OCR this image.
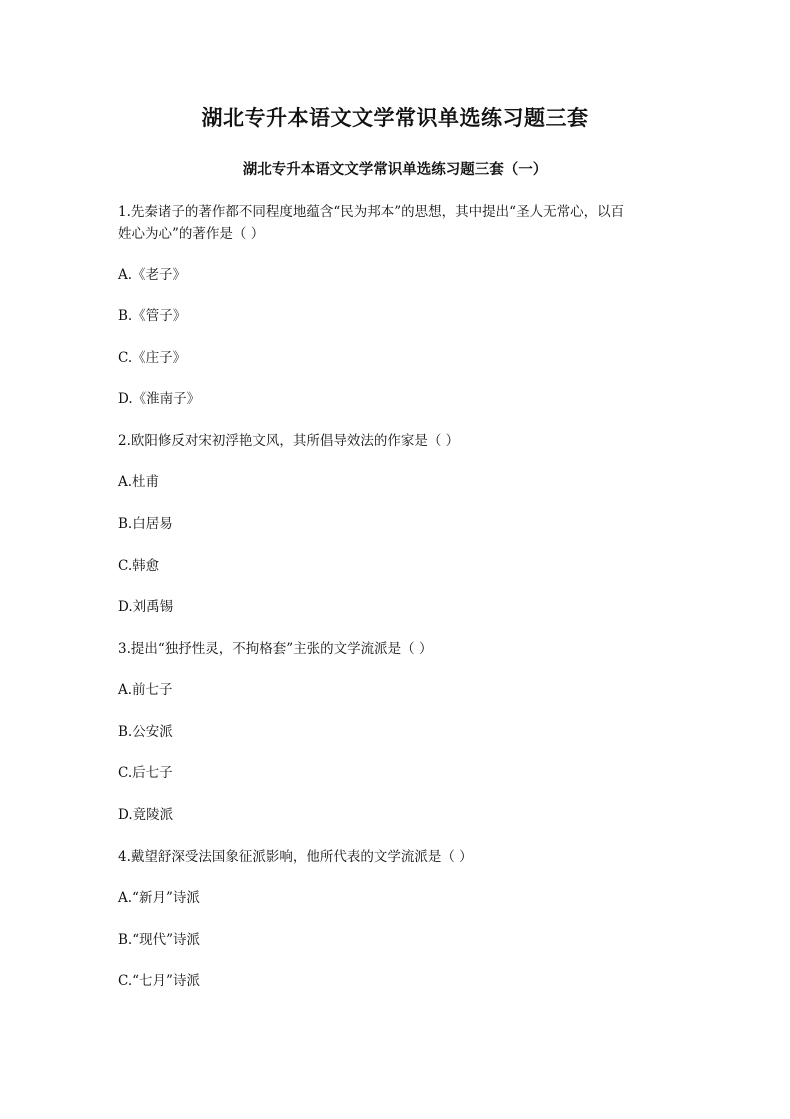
湖北专升本语文文学常识单选练习题三套
湖北专升本语文文学常识单选练习题三套（一）
1.先秦诸子的著作都不同程度地蕴含“民为邦本”的思想，其中提出“圣人无常心，以百
姓心为心”的著作是（ ）
A.《老子》
B.《管子》
C.《庄子》
D.《淮南子》
2.欧阳修反对宋初浮艳文风，其所倡导效法的作家是（ ）
A.杜甫
B.白居易
C.韩愈
D.刘禹锡
3.提出“独抒性灵，不拘格套”主张的文学流派是（ ）
A.前七子
B.公安派
C.后七子
D.竟陵派
4.戴望舒深受法国象征派影响，他所代表的文学流派是（ ）
A.“新月”诗派
B.“现代”诗派
C.“七月”诗派
